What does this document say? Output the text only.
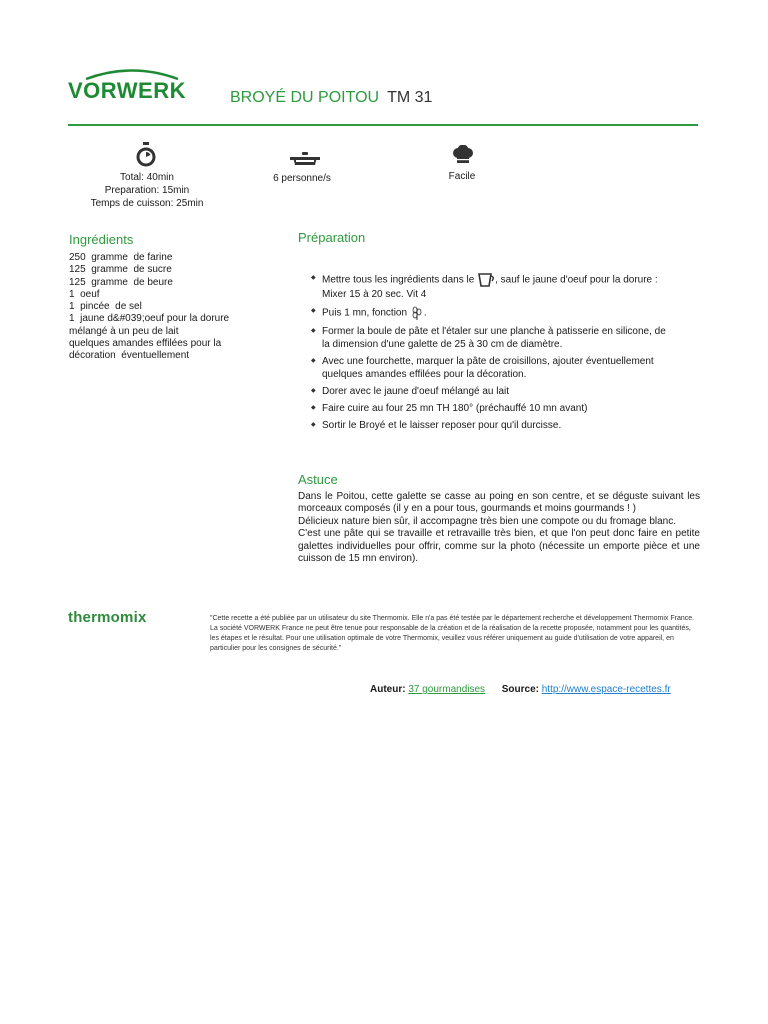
VORWERK	BROYÉ DU POITOU TM 31
Total: 40min
Preparation: 15min
Temps de cuisson: 25min
6 personne/s	Facile
Ingrédients
250  gramme  de farine
125  gramme  de sucre
125  gramme  de beure
1  oeuf
1  pincée  de sel
1  jaune d&#039;oeuf pour la dorure  mélangé à un peu de lait
quelques amandes effilées pour la décoration  éventuellement
Préparation
◆ Mettre tous les ingrédients dans le , sauf le jaune d'oeuf pour la dorure : Mixer 15 à 20 sec. Vit 4
◆ Puis 1 mn, fonction .
◆ Former la boule de pâte et l'étaler sur une planche à patisserie en silicone, de la dimension d'une galette de 25 à 30 cm de diamètre.
◆ Avec une fourchette, marquer la pâte de croisillons, ajouter éventuellement quelques amandes effilées pour la décoration.
◆ Dorer avec le jaune d'oeuf mélangé au lait
◆ Faire cuire au four 25 mn TH 180° (préchauffé 10 mn avant)
◆ Sortir le Broyé et le laisser reposer pour qu'il durcisse.
Astuce

Dans le Poitou, cette galette se casse au poing en son centre, et se déguste suivant les morceaux composés (il y en a pour tous, gourmands et moins gourmands ! )

Délicieux nature bien sûr, il accompagne très bien une compote ou du fromage blanc.

C'est une pâte qui se travaille et retravaille très bien, et que l'on peut donc faire en petite galettes individuelles pour offrir, comme sur la photo (nécessite un emporte pièce et une cuisson de 15 mn environ).

thermomix	"Cette recette a été publiée par un utilisateur du site Thermomix. Elle n'a pas été testée par le département recherche et développement Thermomix France. La société VORWERK France ne peut être tenue pour responsable de la création et de la réalisation de la recette proposée, notamment pour les quantités, les étapes et le résultat. Pour une utilisation optimale de votre Thermomix, veuillez vous référer uniquement au guide d'utilisation de votre appareil, en particulier pour les consignes de sécurité."
Auteur: 37 gourmandises Source: http://www.espace-recettes.fr
